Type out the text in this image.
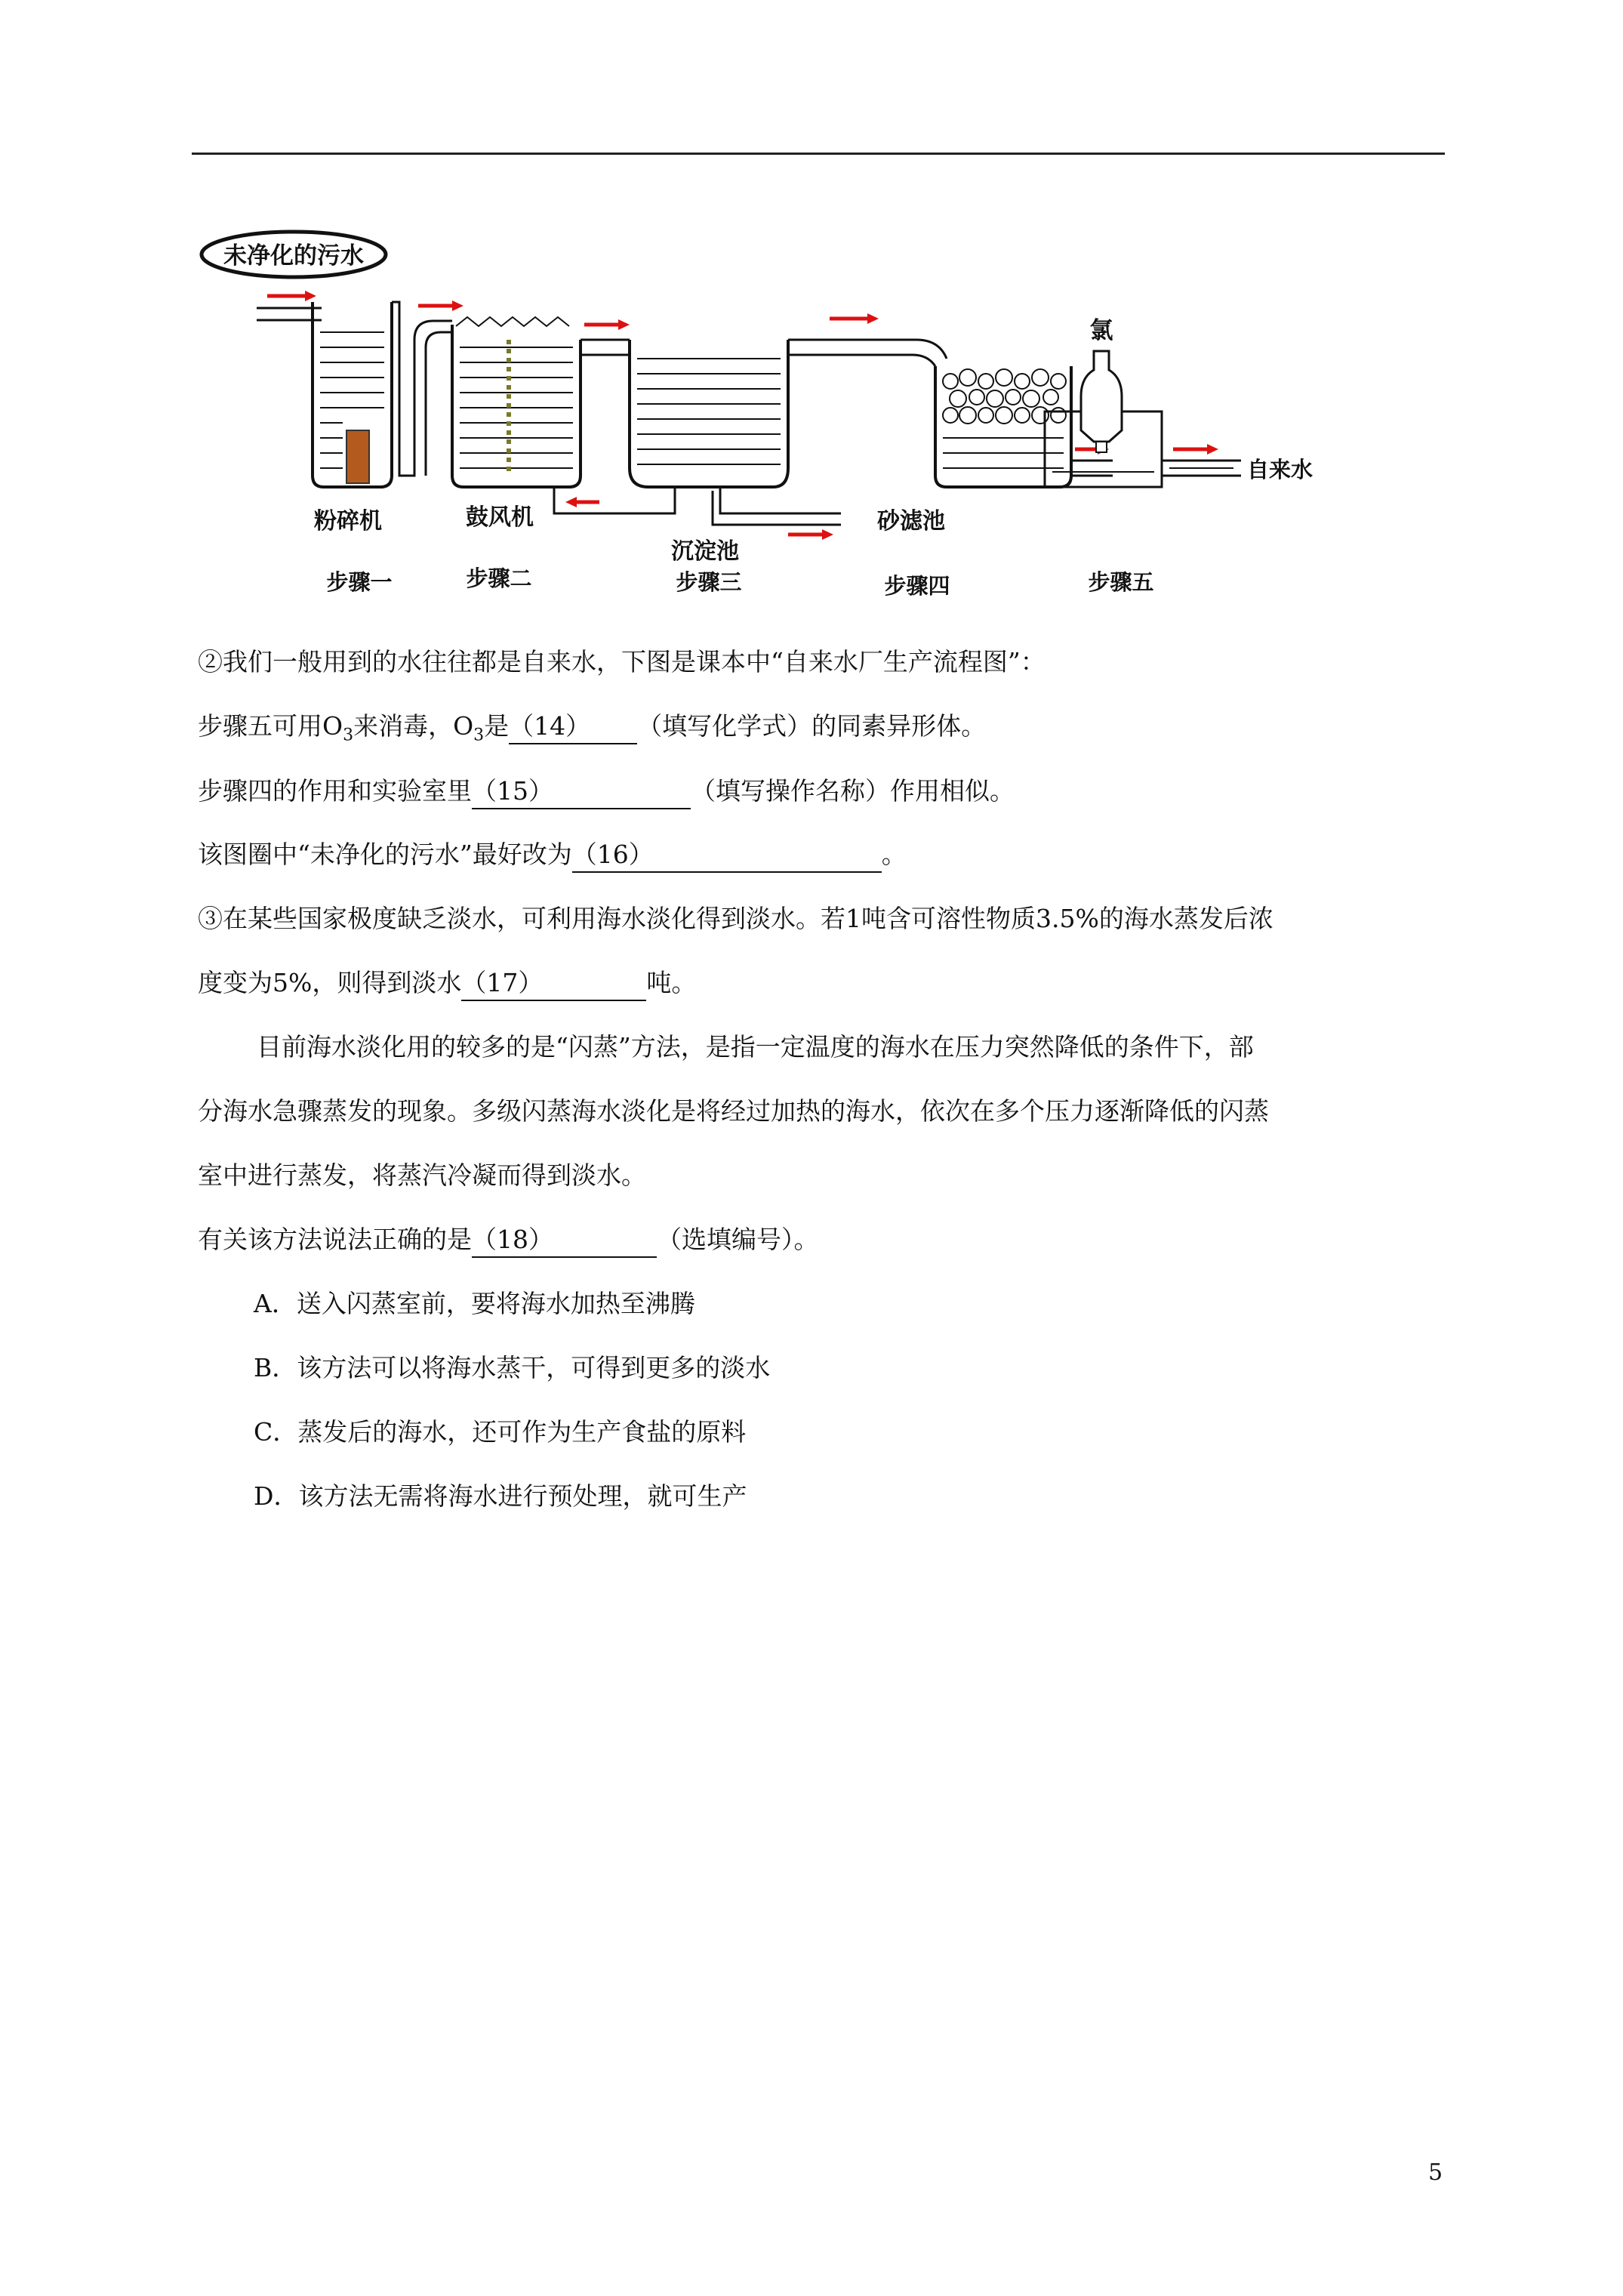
未净化的污水
氯
自来水
粉碎机	鼓风机
沉淀池
砂滤池
步骤一	步骤二	步骤三	步骤四	步骤五
②我们一般用到的水往往都是自来水，下图是课本中“自来水厂生产流程图”：
步骤五可用$O_3$来消毒，$O_3$是（14） （填写化学式）的同素异形体。
步骤四的作用和实验室里（15）	（填写操作名称）作用相似。
该图圈中“未净化的污水”最好改为（16）	。
③在某些国家极度缺乏淡水，可利用海水淡化得到淡水。若1吨含可溶性物质3.5%的海水蒸发后浓
度变为5%，则得到淡水（17）	吨。
目前海水淡化用的较多的是“闪蒸”方法，是指一定温度的海水在压力突然降低的条件下，部
分海水急骤蒸发的现象。多级闪蒸海水淡化是将经过加热的海水，依次在多个压力逐渐降低的闪蒸
室中进行蒸发，将蒸汽冷凝而得到淡水。
有关该方法说法正确的是（18）	（选填编号）。
A．送入闪蒸室前，要将海水加热至沸腾
B．该方法可以将海水蒸干，可得到更多的淡水
C．蒸发后的海水，还可作为生产食盐的原料
D．该方法无需将海水进行预处理，就可生产
5
